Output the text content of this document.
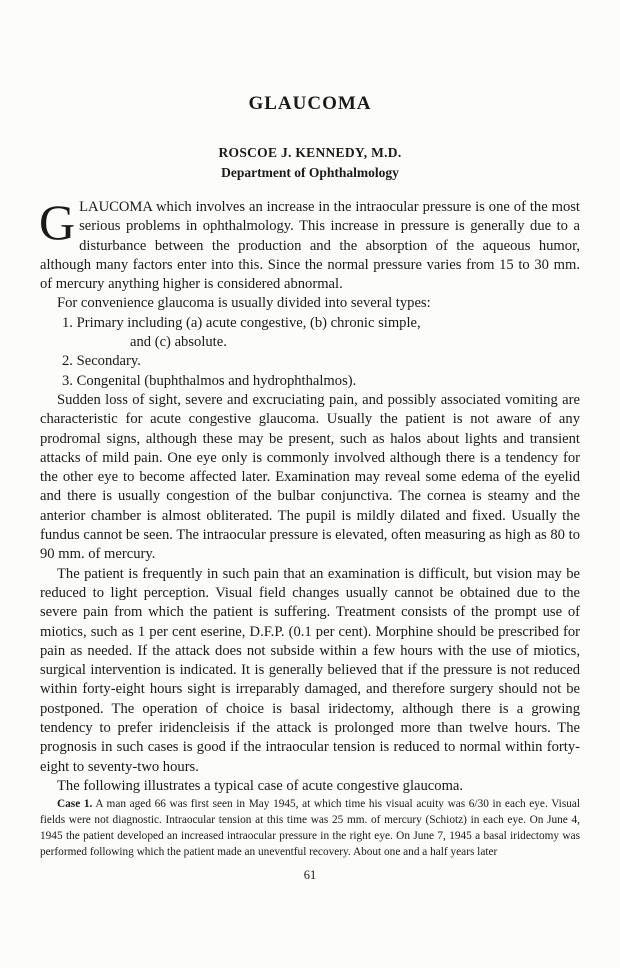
GLAUCOMA
ROSCOE J. KENNEDY, M.D.
Department of Ophthalmology

GLAUCOMA which involves an increase in the intraocular pressure is one of the most serious problems in ophthalmology. This increase in pressure is generally due to a disturbance between the production and the absorption of the aqueous humor, although many factors enter into this. Since the normal pressure varies from 15 to 30 mm. of mercury anything higher is considered abnormal.

For convenience glaucoma is usually divided into several types:

1. Primary including (a) acute congestive, (b) chronic simple,
and (c) absolute.
2. Secondary.
3. Congenital (buphthalmos and hydrophthalmos).

Sudden loss of sight, severe and excruciating pain, and possibly associated vomiting are characteristic for acute congestive glaucoma. Usually the patient is not aware of any prodromal signs, although these may be present, such as halos about lights and transient attacks of mild pain. One eye only is commonly involved although there is a tendency for the other eye to become affected later. Examination may reveal some edema of the eyelid and there is usually congestion of the bulbar conjunctiva. The cornea is steamy and the anterior chamber is almost obliterated. The pupil is mildly dilated and fixed. Usually the fundus cannot be seen. The intraocular pressure is elevated, often measuring as high as 80 to 90 mm. of mercury.

The patient is frequently in such pain that an examination is difficult, but vision may be reduced to light perception. Visual field changes usually cannot be obtained due to the severe pain from which the patient is suffering. Treatment consists of the prompt use of miotics, such as 1 per cent eserine, D.F.P. (0.1 per cent). Morphine should be prescribed for pain as needed. If the attack does not subside within a few hours with the use of miotics, surgical intervention is indicated. It is generally believed that if the pressure is not reduced within forty-eight hours sight is irreparably damaged, and therefore surgery should not be postponed. The operation of choice is basal iridectomy, although there is a growing tendency to prefer iridencleisis if the attack is prolonged more than twelve hours. The prognosis in such cases is good if the intraocular tension is reduced to normal within forty-eight to seventy-two hours.

The following illustrates a typical case of acute congestive glaucoma.

Case 1. A man aged 66 was first seen in May 1945, at which time his visual acuity was 6/30 in each eye. Visual fields were not diagnostic. Intraocular tension at this time was 25 mm. of mercury (Schiotz) in each eye. On June 4, 1945 the patient developed an increased intraocular pressure in the right eye. On June 7, 1945 a basal iridectomy was performed following which the patient made an uneventful recovery. About one and a half years later

61
